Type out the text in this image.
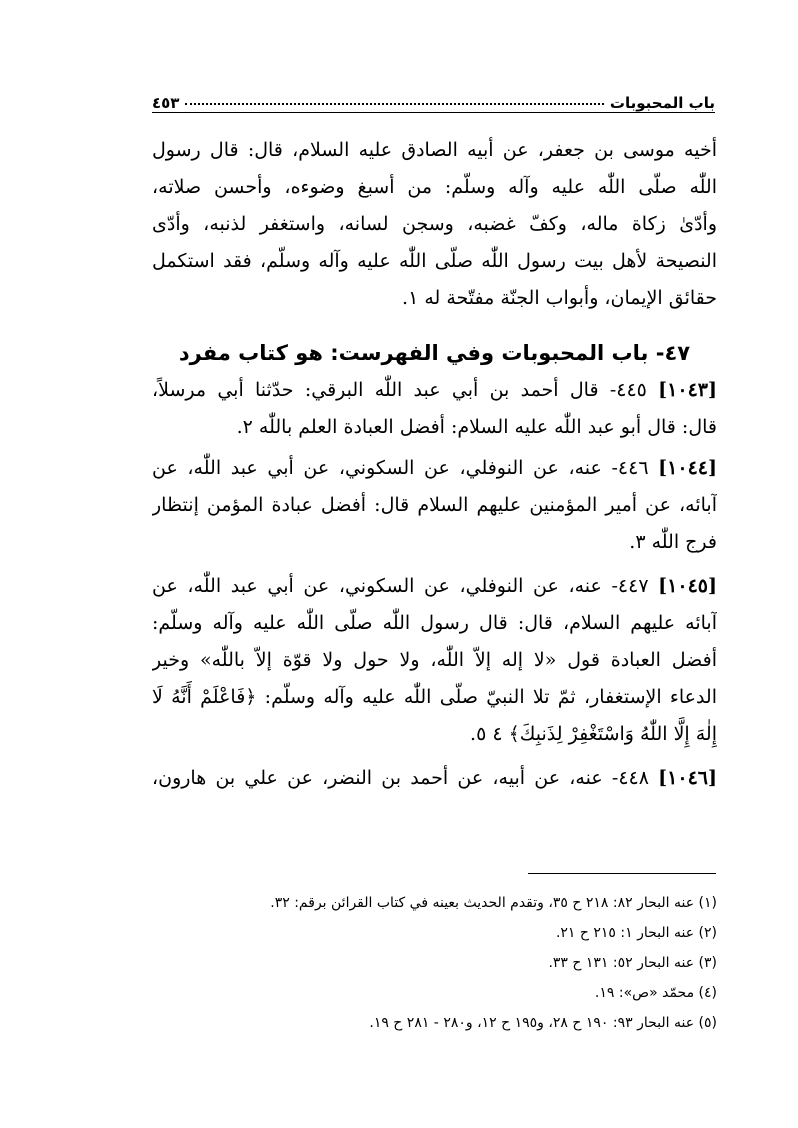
باب المحبوبات
٤٥٣
أخيه موسى بن جعفر، عن أبيه الصادق عليه السلام، قال: قال رسول
اللّٰه صلّى اللّٰه عليه وآله وسلّم: من أسبغ وضوءه، وأحسن صلاته،
وأدّىٰ زكاة ماله، وكفّ غضبه، وسجن لسانه، واستغفر لذنبه، وأدّى
النصيحة لأهل بيت رسول اللّٰه صلّى اللّٰه عليه وآله وسلّم، فقد استكمل
حقائق الإيمان، وأبواب الجنّة مفتّحة له ١.
٤٧- باب المحبوبات وفي الفهرست: هو كتاب مفرد
[١٠٤٣] ٤٤٥- قال أحمد بن أبي عبد اللّٰه البرقي: حدّثنا أبي مرسلاً،
قال: قال أبو عبد اللّٰه عليه السلام: أفضل العبادة العلم باللّٰه ٢.
[١٠٤٤] ٤٤٦- عنه، عن النوفلي، عن السكوني، عن أبي عبد اللّٰه، عن
آبائه، عن أمير المؤمنين عليهم السلام قال: أفضل عبادة المؤمن إنتظار
فرج اللّٰه ٣.
[١٠٤٥] ٤٤٧- عنه، عن النوفلي، عن السكوني، عن أبي عبد اللّٰه، عن
آبائه عليهم السلام، قال: قال رسول اللّٰه صلّى اللّٰه عليه وآله وسلّم:
أفضل العبادة قول «لا إله إلاّ اللّٰه، ولا حول ولا قوّة إلاّ باللّٰه» وخير
الدعاء الإستغفار، ثمّ تلا النبيّ صلّى اللّٰه عليه وآله وسلّم: ﴿فَاعْلَمْ أَنَّهُ لَا
إِلٰهَ إِلَّا اللّٰهُ وَاسْتَغْفِرْ لِذَنبِكَ﴾ ٤ ٥.
[١٠٤٦] ٤٤٨- عنه، عن أبيه، عن أحمد بن النضر، عن علي بن هارون،
(١) عنه البحار ٨٢: ٢١٨ ح ٣٥، وتقدم الحديث بعينه في كتاب القرائن برقم: ٣٢.
(٢) عنه البحار ١: ٢١٥ ح ٢١.
(٣) عنه البحار ٥٢: ١٣١ ح ٣٣.
(٤) محمّد «ص»: ١٩.
(٥) عنه البحار ٩٣: ١٩٠ ح ٢٨، و١٩٥ ح ١٢، و٢٨٠ - ٢٨١ ح ١٩.
